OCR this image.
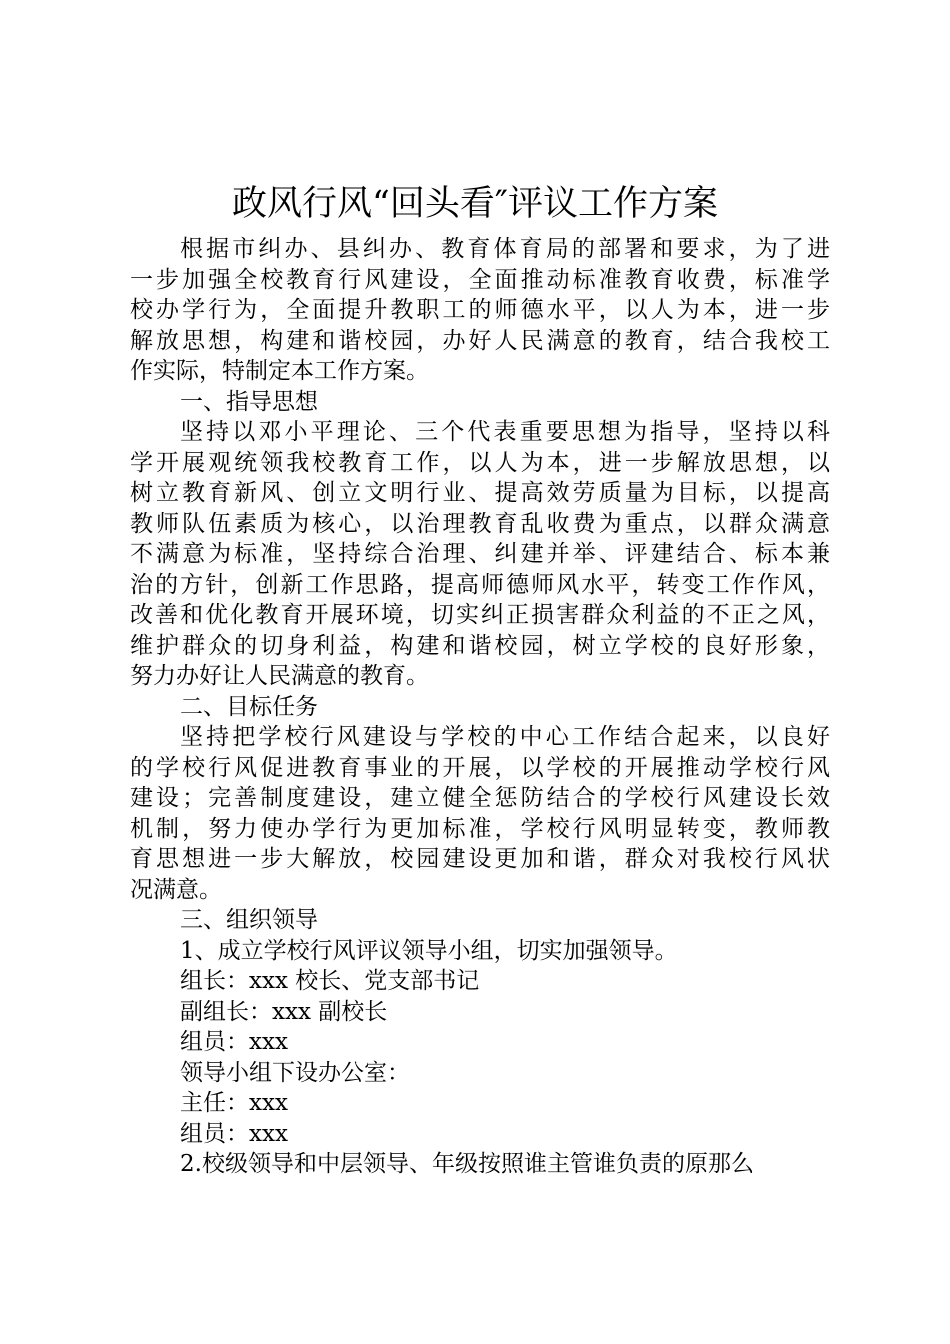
政风行风“回头看″评议工作方案
根据市纠办、县纠办、教育体育局的部署和要求，为了进
一步加强全校教育行风建设，全面推动标准教育收费，标准学
校办学行为，全面提升教职工的师德水平，以人为本，进一步
解放思想，构建和谐校园，办好人民满意的教育，结合我校工
作实际，特制定本工作方案。
一、指导思想
坚持以邓小平理论、三个代表重要思想为指导，坚持以科
学开展观统领我校教育工作，以人为本，进一步解放思想，以
树立教育新风、创立文明行业、提高效劳质量为目标，以提高
教师队伍素质为核心，以治理教育乱收费为重点，以群众满意
不满意为标准，坚持综合治理、纠建并举、评建结合、标本兼
治的方针，创新工作思路，提高师德师风水平，转变工作作风，
改善和优化教育开展环境，切实纠正损害群众利益的不正之风，
维护群众的切身利益，构建和谐校园，树立学校的良好形象，
努力办好让人民满意的教育。
二、目标任务
坚持把学校行风建设与学校的中心工作结合起来，以良好
的学校行风促进教育事业的开展，以学校的开展推动学校行风
建设；完善制度建设，建立健全惩防结合的学校行风建设长效
机制，努力使办学行为更加标准，学校行风明显转变，教师教
育思想进一步大解放，校园建设更加和谐，群众对我校行风状
况满意。
三、组织领导
1、成立学校行风评议领导小组，切实加强领导。
组长：xxx 校长、党支部书记
副组长：xxx 副校长
组员：xxx
领导小组下设办公室：
主任：xxx
组员：xxx
2.校级领导和中层领导、年级按照谁主管谁负责的原那么
